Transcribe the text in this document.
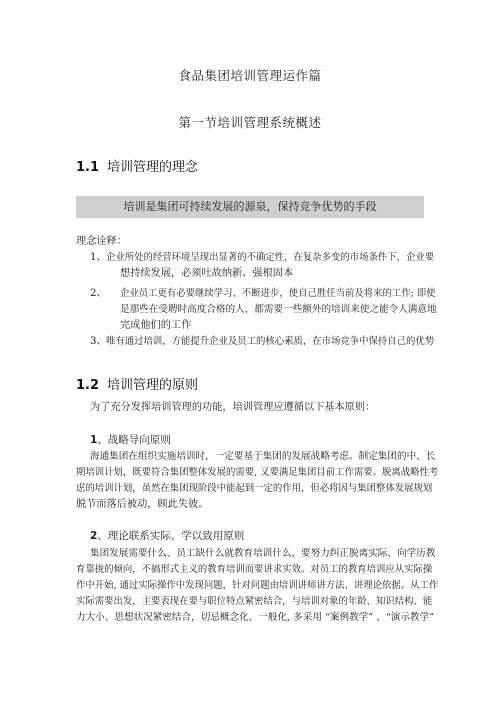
食品集团培训管理运作篇
第一节培训管理系统概述
1.1 培训管理的理念
培训是集团可持续发展的源泉，保持竞争优势的手段
理念诠释：
1、 企业所处的经营环境呈现出显著的不确定性，在复杂多变的市场条件下，企业要
想持续发展，必须吐故纳新、强根固本
2、 企业员工更有必要继续学习、不断进步，使自己胜任当前及将来的工作; 即使
是那些在受聘时高度合格的人，都需要一些额外的培训来使之能令人满意地
完成他们的工作
3、 唯有通过培训，方能提升企业及员工的核心素质，在市场竞争中保持自己的优势
1.2 培训管理的原则
为了充分发挥培训管理的功能，培训管理应遵循以下基本原则：
1、战略导向原则
海通集团在组织实施培训时，一定要基于集团的发展战略考虑。制定集团的中、长
期培训计划，既要符合集团整体发展的需要, 又要满足集团目前工作需要。脱离战略性考
虑的培训计划，虽然在集团现阶段中能起到一定的作用，但必将因与集团整体发展规划
脱节而落后被动，顾此失彼。
2、理论联系实际、学以致用原则
集团发展需要什么、员工缺什么就教育培训什么，要努力纠正脱离实际、向学历教
育靠拢的倾向，不搞形式主义的教育培训而要讲求实效。对员工的教育培训应从实际操
作中开始, 通过实际操作中发现问题，针对问题由培训讲师讲方法、讲理论依据。从工作
实际需要出发，主要表现在要与职位特点紧密结合，与培训对象的年龄、知识结构、能
力大小、思想状况紧密结合，切忌概念化、一般化, 多采用 “案例教学” 、“演示教学”
